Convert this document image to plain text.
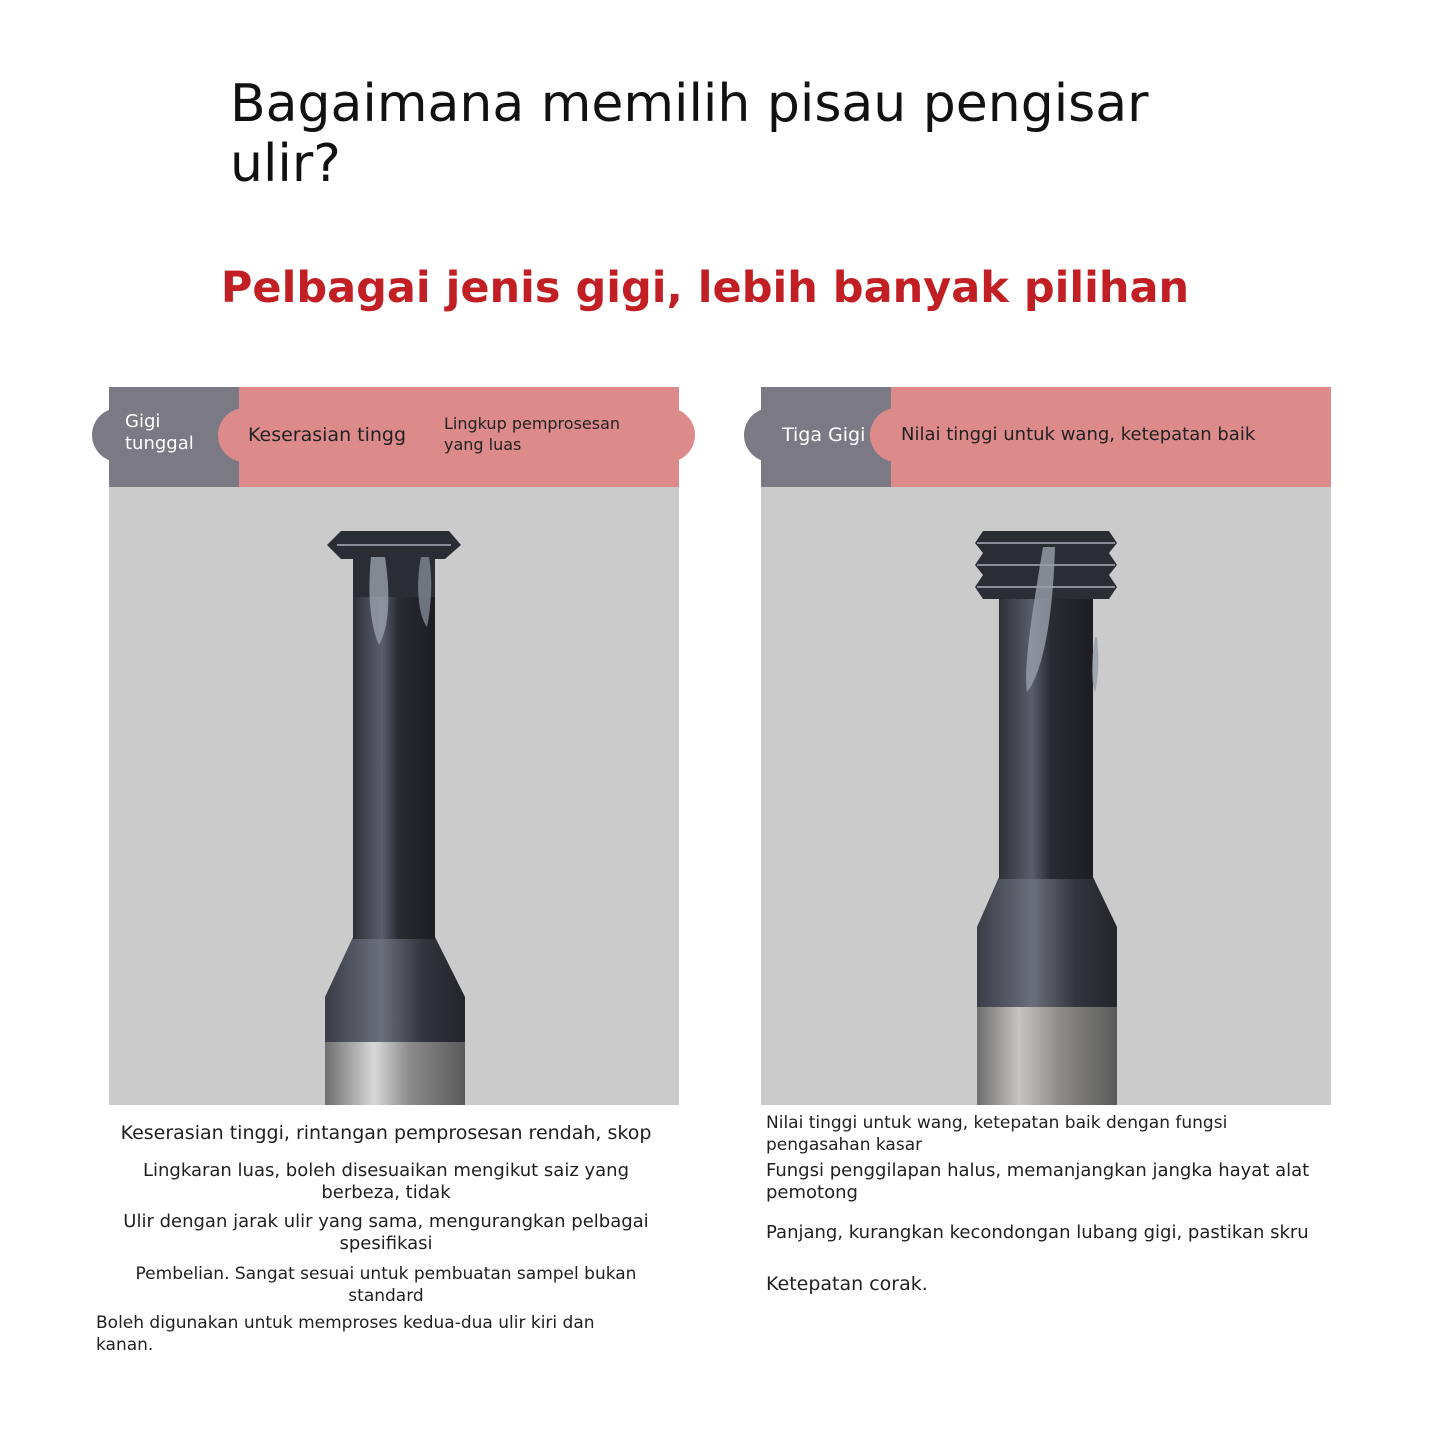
Bagaimana memilih pisau pengisar ulir?
Pelbagai jenis gigi, lebih banyak pilihan
Gigi tunggal	Keserasian tingg
Lingkup pemprosesan yang luas	Tiga Gigi	Nilai tinggi untuk wang, ketepatan baik
Keserasian tinggi, rintangan pemprosesan rendah, skop
Lingkaran luas, boleh disesuaikan mengikut saiz yang berbeza, tidak
Ulir dengan jarak ulir yang sama, mengurangkan pelbagai spesifikasi
Pembelian. Sangat sesuai untuk pembuatan sampel bukan standard
Boleh digunakan untuk memproses kedua-dua ulir kiri dan kanan.
Nilai tinggi untuk wang, ketepatan baik dengan fungsi pengasahan kasar
Fungsi penggilapan halus, memanjangkan jangka hayat alat pemotong
Panjang, kurangkan kecondongan lubang gigi, pastikan skru
Ketepatan corak.
